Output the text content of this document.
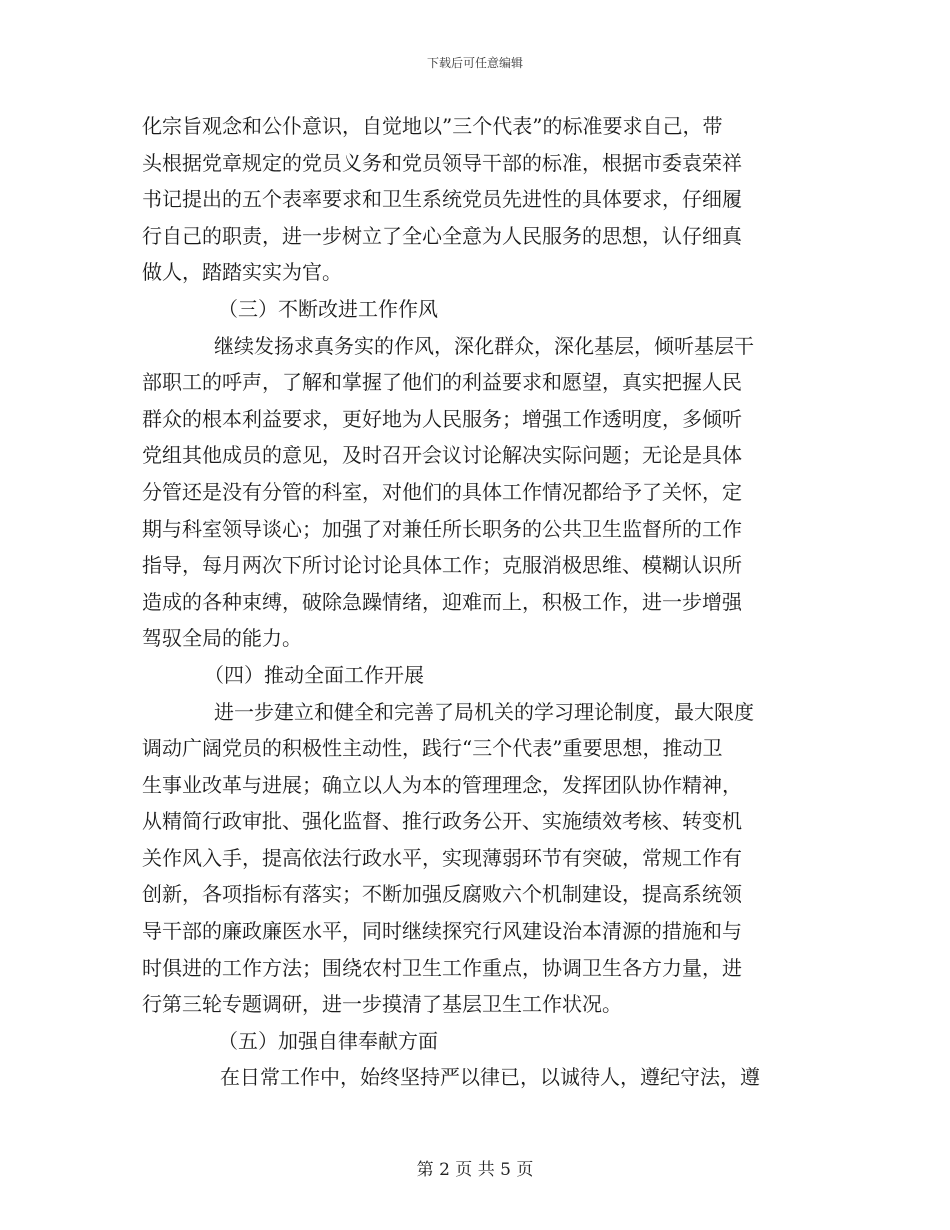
下载后可任意编辑
化宗旨观念和公仆意识，自觉地以”三个代表”的标准要求自己，带
头根据党章规定的党员义务和党员领导干部的标准，根据市委袁荣祥
书记提出的五个表率要求和卫生系统党员先进性的具体要求，仔细履
行自己的职责，进一步树立了全心全意为人民服务的思想，认仔细真
做人，踏踏实实为官。
（三）不断改进工作作风
继续发扬求真务实的作风，深化群众，深化基层，倾听基层干
部职工的呼声，了解和掌握了他们的利益要求和愿望，真实把握人民
群众的根本利益要求，更好地为人民服务；增强工作透明度，多倾听
党组其他成员的意见，及时召开会议讨论解决实际问题；无论是具体
分管还是没有分管的科室，对他们的具体工作情况都给予了关怀，定
期与科室领导谈心；加强了对兼任所长职务的公共卫生监督所的工作
指导，每月两次下所讨论讨论具体工作；克服消极思维、模糊认识所
造成的各种束缚，破除急躁情绪，迎难而上，积极工作，进一步增强
驾驭全局的能力。
（四）推动全面工作开展
进一步建立和健全和完善了局机关的学习理论制度，最大限度
调动广阔党员的积极性主动性，践行“三个代表”重要思想，推动卫
生事业改革与进展；确立以人为本的管理理念，发挥团队协作精神，
从精简行政审批、强化监督、推行政务公开、实施绩效考核、转变机
关作风入手，提高依法行政水平，实现薄弱环节有突破，常规工作有
创新，各项指标有落实；不断加强反腐败六个机制建设，提高系统领
导干部的廉政廉医水平，同时继续探究行风建设治本清源的措施和与
时俱进的工作方法；围绕农村卫生工作重点，协调卫生各方力量，进
行第三轮专题调研，进一步摸清了基层卫生工作状况。
（五）加强自律奉献方面
在日常工作中，始终坚持严以律已，以诚待人，遵纪守法，遵
第 2 页 共 5 页
